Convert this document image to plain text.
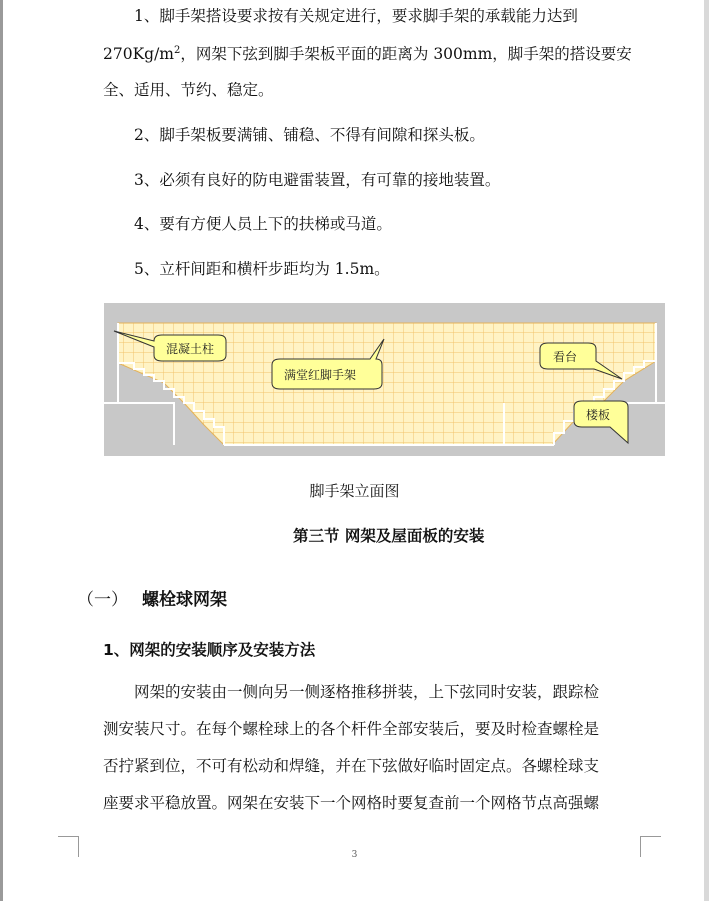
1、脚手架搭设要求按有关规定进行，要求脚手架的承载能力达到
$270Kg/m^2$，网架下弦到脚手架板平面的距离为 300mm，脚手架的搭设要安
全、适用、节约、稳定。
2、脚手架板要满铺、铺稳、不得有间隙和探头板。
3、必须有良好的防电避雷装置，有可靠的接地装置。
4、要有方便人员上下的扶梯或马道。
5、立杆间距和横杆步距均为 1.5m。
混凝土柱
满堂红脚手架
看台
楼板
脚手架立面图
第三节 网架及屋面板的安装
（一） 螺栓球网架
1、网架的安装顺序及安装方法
网架的安装由一侧向另一侧逐格推移拼装，上下弦同时安装，跟踪检
测安装尺寸。在每个螺栓球上的各个杆件全部安装后，要及时检查螺栓是
否拧紧到位，不可有松动和焊缝，并在下弦做好临时固定点。各螺栓球支
座要求平稳放置。网架在安装下一个网格时要复查前一个网格节点高强螺
3
